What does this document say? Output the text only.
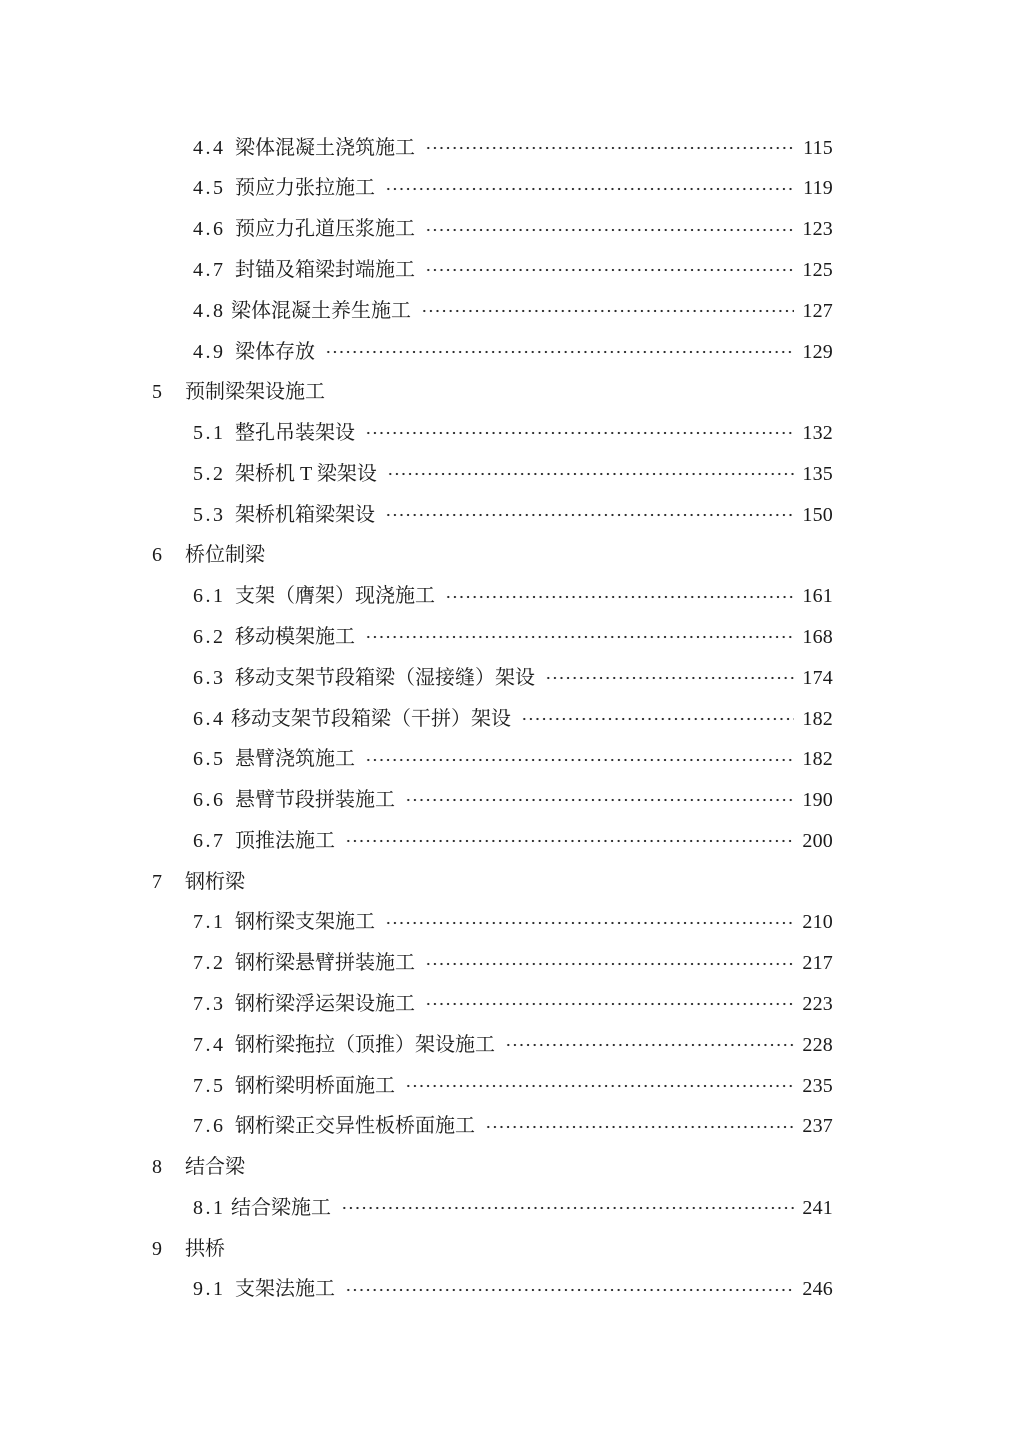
4.4 梁体混凝土浇筑施工	115
4.5 预应力张拉施工	119
4.6 预应力孔道压浆施工	123
4.7 封锚及箱梁封端施工	125
4.8 梁体混凝土养生施工	127
4.9 梁体存放	129
5	预制梁架设施工
5.1 整孔吊装架设	132
5.2 架桥机 T 梁架设	135
5.3 架桥机箱梁架设	150
6	桥位制梁
6.1 支架（膺架）现浇施工	161
6.2 移动模架施工	168
6.3 移动支架节段箱梁（湿接缝）架设	174
6.4 移动支架节段箱梁（干拼）架设	182
6.5 悬臂浇筑施工	182
6.6 悬臂节段拼装施工	190
6.7 顶推法施工	200
7	钢桁梁
7.1 钢桁梁支架施工	210
7.2 钢桁梁悬臂拼装施工	217
7.3 钢桁梁浮运架设施工	223
7.4 钢桁梁拖拉（顶推）架设施工	228
7.5 钢桁梁明桥面施工	235
7.6 钢桁梁正交异性板桥面施工	237
8	结合梁
8.1 结合梁施工	241
9	拱桥
9.1 支架法施工	246
